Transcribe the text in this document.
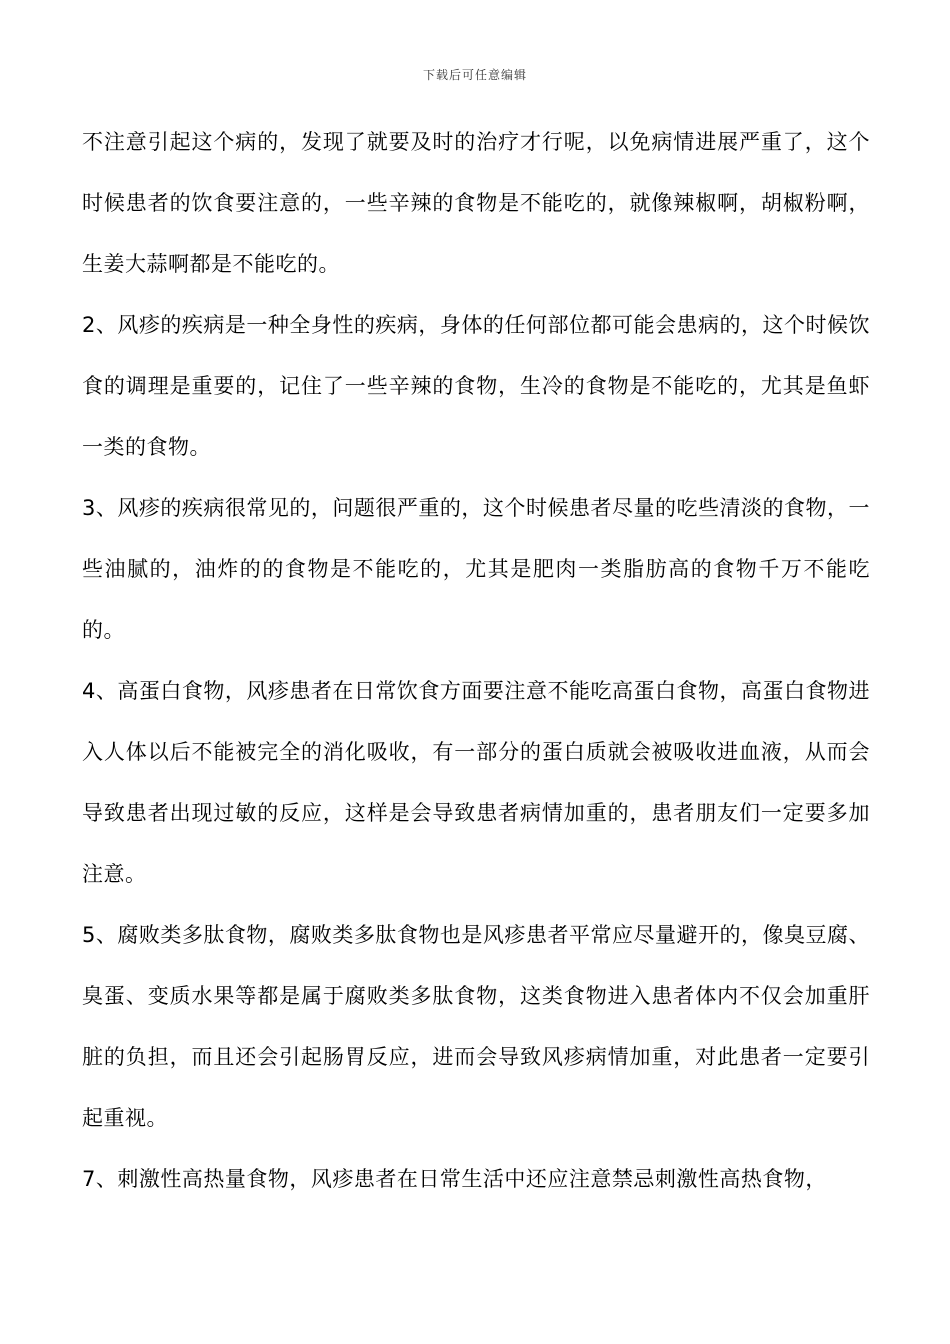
下载后可任意编辑

不注意引起这个病的，发现了就要及时的治疗才行呢，以免病情进展严重了，这个时候患者的饮食要注意的，一些辛辣的食物是不能吃的，就像辣椒啊，胡椒粉啊，生姜大蒜啊都是不能吃的。

2、风疹的疾病是一种全身性的疾病，身体的任何部位都可能会患病的，这个时候饮食的调理是重要的，记住了一些辛辣的食物，生冷的食物是不能吃的，尤其是鱼虾一类的食物。

3、风疹的疾病很常见的，问题很严重的，这个时候患者尽量的吃些清淡的食物，一些油腻的，油炸的的食物是不能吃的，尤其是肥肉一类脂肪高的食物千万不能吃的。

4、高蛋白食物，风疹患者在日常饮食方面要注意不能吃高蛋白食物，高蛋白食物进入人体以后不能被完全的消化吸收，有一部分的蛋白质就会被吸收进血液，从而会导致患者出现过敏的反应，这样是会导致患者病情加重的，患者朋友们一定要多加注意。

5、腐败类多肽食物，腐败类多肽食物也是风疹患者平常应尽量避开的，像臭豆腐、臭蛋、变质水果等都是属于腐败类多肽食物，这类食物进入患者体内不仅会加重肝脏的负担，而且还会引起肠胃反应，进而会导致风疹病情加重，对此患者一定要引起重视。

7、刺激性高热量食物，风疹患者在日常生活中还应注意禁忌刺激性高热食物，
